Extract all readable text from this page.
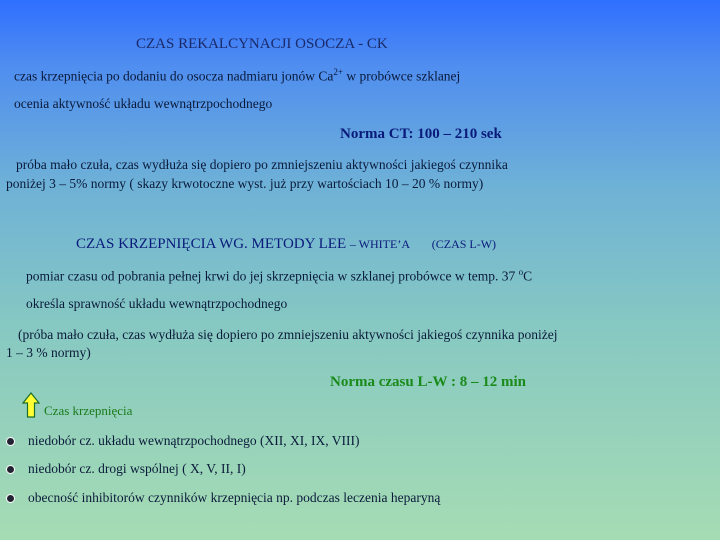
CZAS REKALCYNACJI OSOCZA - CK
czas krzepnięcia po dodaniu do osocza nadmiaru jonów $Ca^{2+}$ w probówce szklanej
ocenia aktywność układu wewnątrzpochodnego
Norma CT: 100 – 210 sek
próba mało czuła, czas wydłuża się dopiero po zmniejszeniu aktywności jakiegoś czynnika
poniżej 3 – 5% normy ( skazy krwotoczne wyst. już przy wartościach 10 – 20 % normy)
CZAS KRZEPNIĘCIA WG. METODY LEE – WHITE’A (CZAS L-W)
pomiar czasu od pobrania pełnej krwi do jej skrzepnięcia w szklanej probówce w temp. 37 $^o$C
określa sprawność układu wewnątrzpochodnego
(próba mało czuła, czas wydłuża się dopiero po zmniejszeniu aktywności jakiegoś czynnika poniżej
1 – 3 % normy)
Norma czasu L-W : 8 – 12 min
Czas krzepnięcia
niedobór cz. układu wewnątrzpochodnego (XII, XI, IX, VIII)
niedobór cz. drogi wspólnej ( X, V, II, I)
obecność inhibitorów czynników krzepnięcia np. podczas leczenia heparyną
